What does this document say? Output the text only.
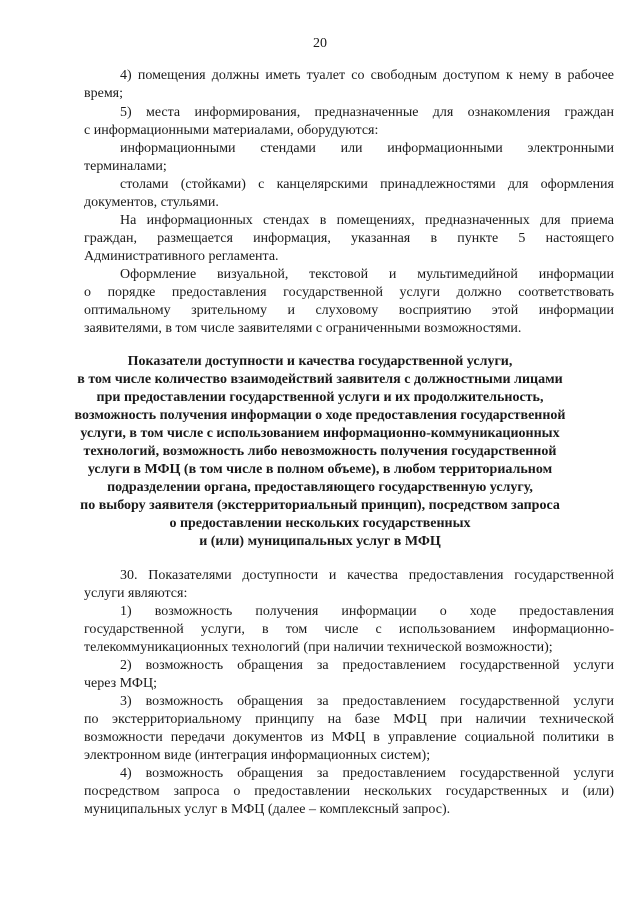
20
4) помещения должны иметь туалет со свободным доступом к нему в рабочее
время;
5) места информирования, предназначенные для ознакомления граждан
с информационными материалами, оборудуются:
информационными стендами или информационными электронными
терминалами;
столами (стойками) с канцелярскими принадлежностями для оформления
документов, стульями.
На информационных стендах в помещениях, предназначенных для приема
граждан, размещается информация, указанная в пункте 5 настоящего
Административного регламента.
Оформление визуальной, текстовой и мультимедийной информации
о порядке предоставления государственной услуги должно соответствовать
оптимальному зрительному и слуховому восприятию этой информации
заявителями, в том числе заявителями с ограниченными возможностями.
Показатели доступности и качества государственной услуги,
в том числе количество взаимодействий заявителя с должностными лицами
при предоставлении государственной услуги и их продолжительность,
возможность получения информации о ходе предоставления государственной
услуги, в том числе с использованием информационно-коммуникационных
технологий, возможность либо невозможность получения государственной
услуги в МФЦ (в том числе в полном объеме), в любом территориальном
подразделении органа, предоставляющего государственную услугу,
по выбору заявителя (экстерриториальный принцип), посредством запроса
о предоставлении нескольких государственных
и (или) муниципальных услуг в МФЦ
30. Показателями доступности и качества предоставления государственной
услуги являются:
1) возможность получения информации о ходе предоставления
государственной услуги, в том числе с использованием информационно-
телекоммуникационных технологий (при наличии технической возможности);
2) возможность обращения за предоставлением государственной услуги
через МФЦ;
3) возможность обращения за предоставлением государственной услуги
по экстерриториальному принципу на базе МФЦ при наличии технической
возможности передачи документов из МФЦ в управление социальной политики в
электронном виде (интеграция информационных систем);
4) возможность обращения за предоставлением государственной услуги
посредством запроса о предоставлении нескольких государственных и (или)
муниципальных услуг в МФЦ (далее – комплексный запрос).
